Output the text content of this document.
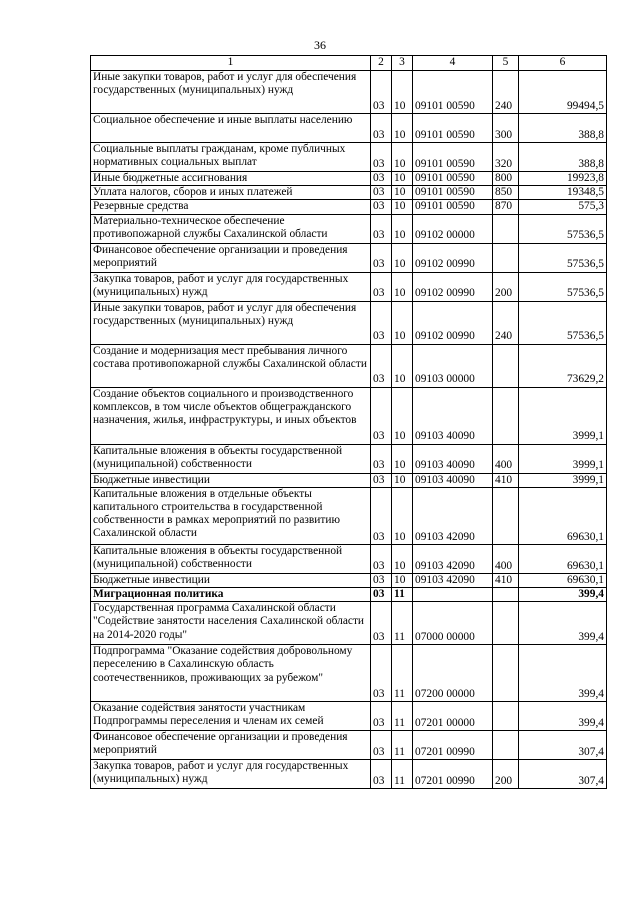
36
1	2	3	4	5	6
Иные закупки товаров, работ и услуг для обеспечения государственных (муниципальных) нужд	03	10	09101 00590	240	99494,5
Социальное обеспечение и иные выплаты населению	03	10	09101 00590	300	388,8
Социальные выплаты гражданам, кроме публичных нормативных социальных выплат	03	10	09101 00590	320	388,8
Иные бюджетные ассигнования	03	10	09101 00590	800	19923,8
Уплата налогов, сборов и иных платежей	03	10	09101 00590	850	19348,5
Резервные средства	03	10	09101 00590	870	575,3
Материально-техническое обеспечение противопожарной службы Сахалинской области	03	10	09102 00000		57536,5
Финансовое обеспечение организации и проведения мероприятий	03	10	09102 00990		57536,5
Закупка товаров, работ и услуг для государственных (муниципальных) нужд	03	10	09102 00990	200	57536,5
Иные закупки товаров, работ и услуг для обеспечения государственных (муниципальных) нужд	03	10	09102 00990	240	57536,5
Создание и модернизация мест пребывания личного состава противопожарной службы Сахалинской области	03	10	09103 00000		73629,2
Создание объектов социального и производственного комплексов, в том числе объектов общегражданского назначения, жилья, инфраструктуры, и иных объектов	03	10	09103 40090		3999,1
Капитальные вложения в объекты государственной (муниципальной) собственности	03	10	09103 40090	400	3999,1
Бюджетные инвестиции	03	10	09103 40090	410	3999,1
Капитальные вложения в отдельные объекты капитального строительства в государственной собственности в рамках мероприятий по развитию Сахалинской области	03	10	09103 42090		69630,1
Капитальные вложения в объекты государственной (муниципальной) собственности	03	10	09103 42090	400	69630,1
Бюджетные инвестиции	03	10	09103 42090	410	69630,1
Миграционная политика	03	11			399,4
Государственная программа Сахалинской области "Содействие занятости населения Сахалинской области на 2014-2020 годы"	03	11	07000 00000		399,4
Подпрограмма "Оказание содействия добровольному переселению в Сахалинскую область соотечественников, проживающих за рубежом"	03	11	07200 00000		399,4
Оказание содействия занятости участникам Подпрограммы переселения и членам их семей	03	11	07201 00000		399,4
Финансовое обеспечение организации и проведения мероприятий	03	11	07201 00990		307,4
Закупка товаров, работ и услуг для государственных (муниципальных) нужд	03	11	07201 00990	200	307,4
